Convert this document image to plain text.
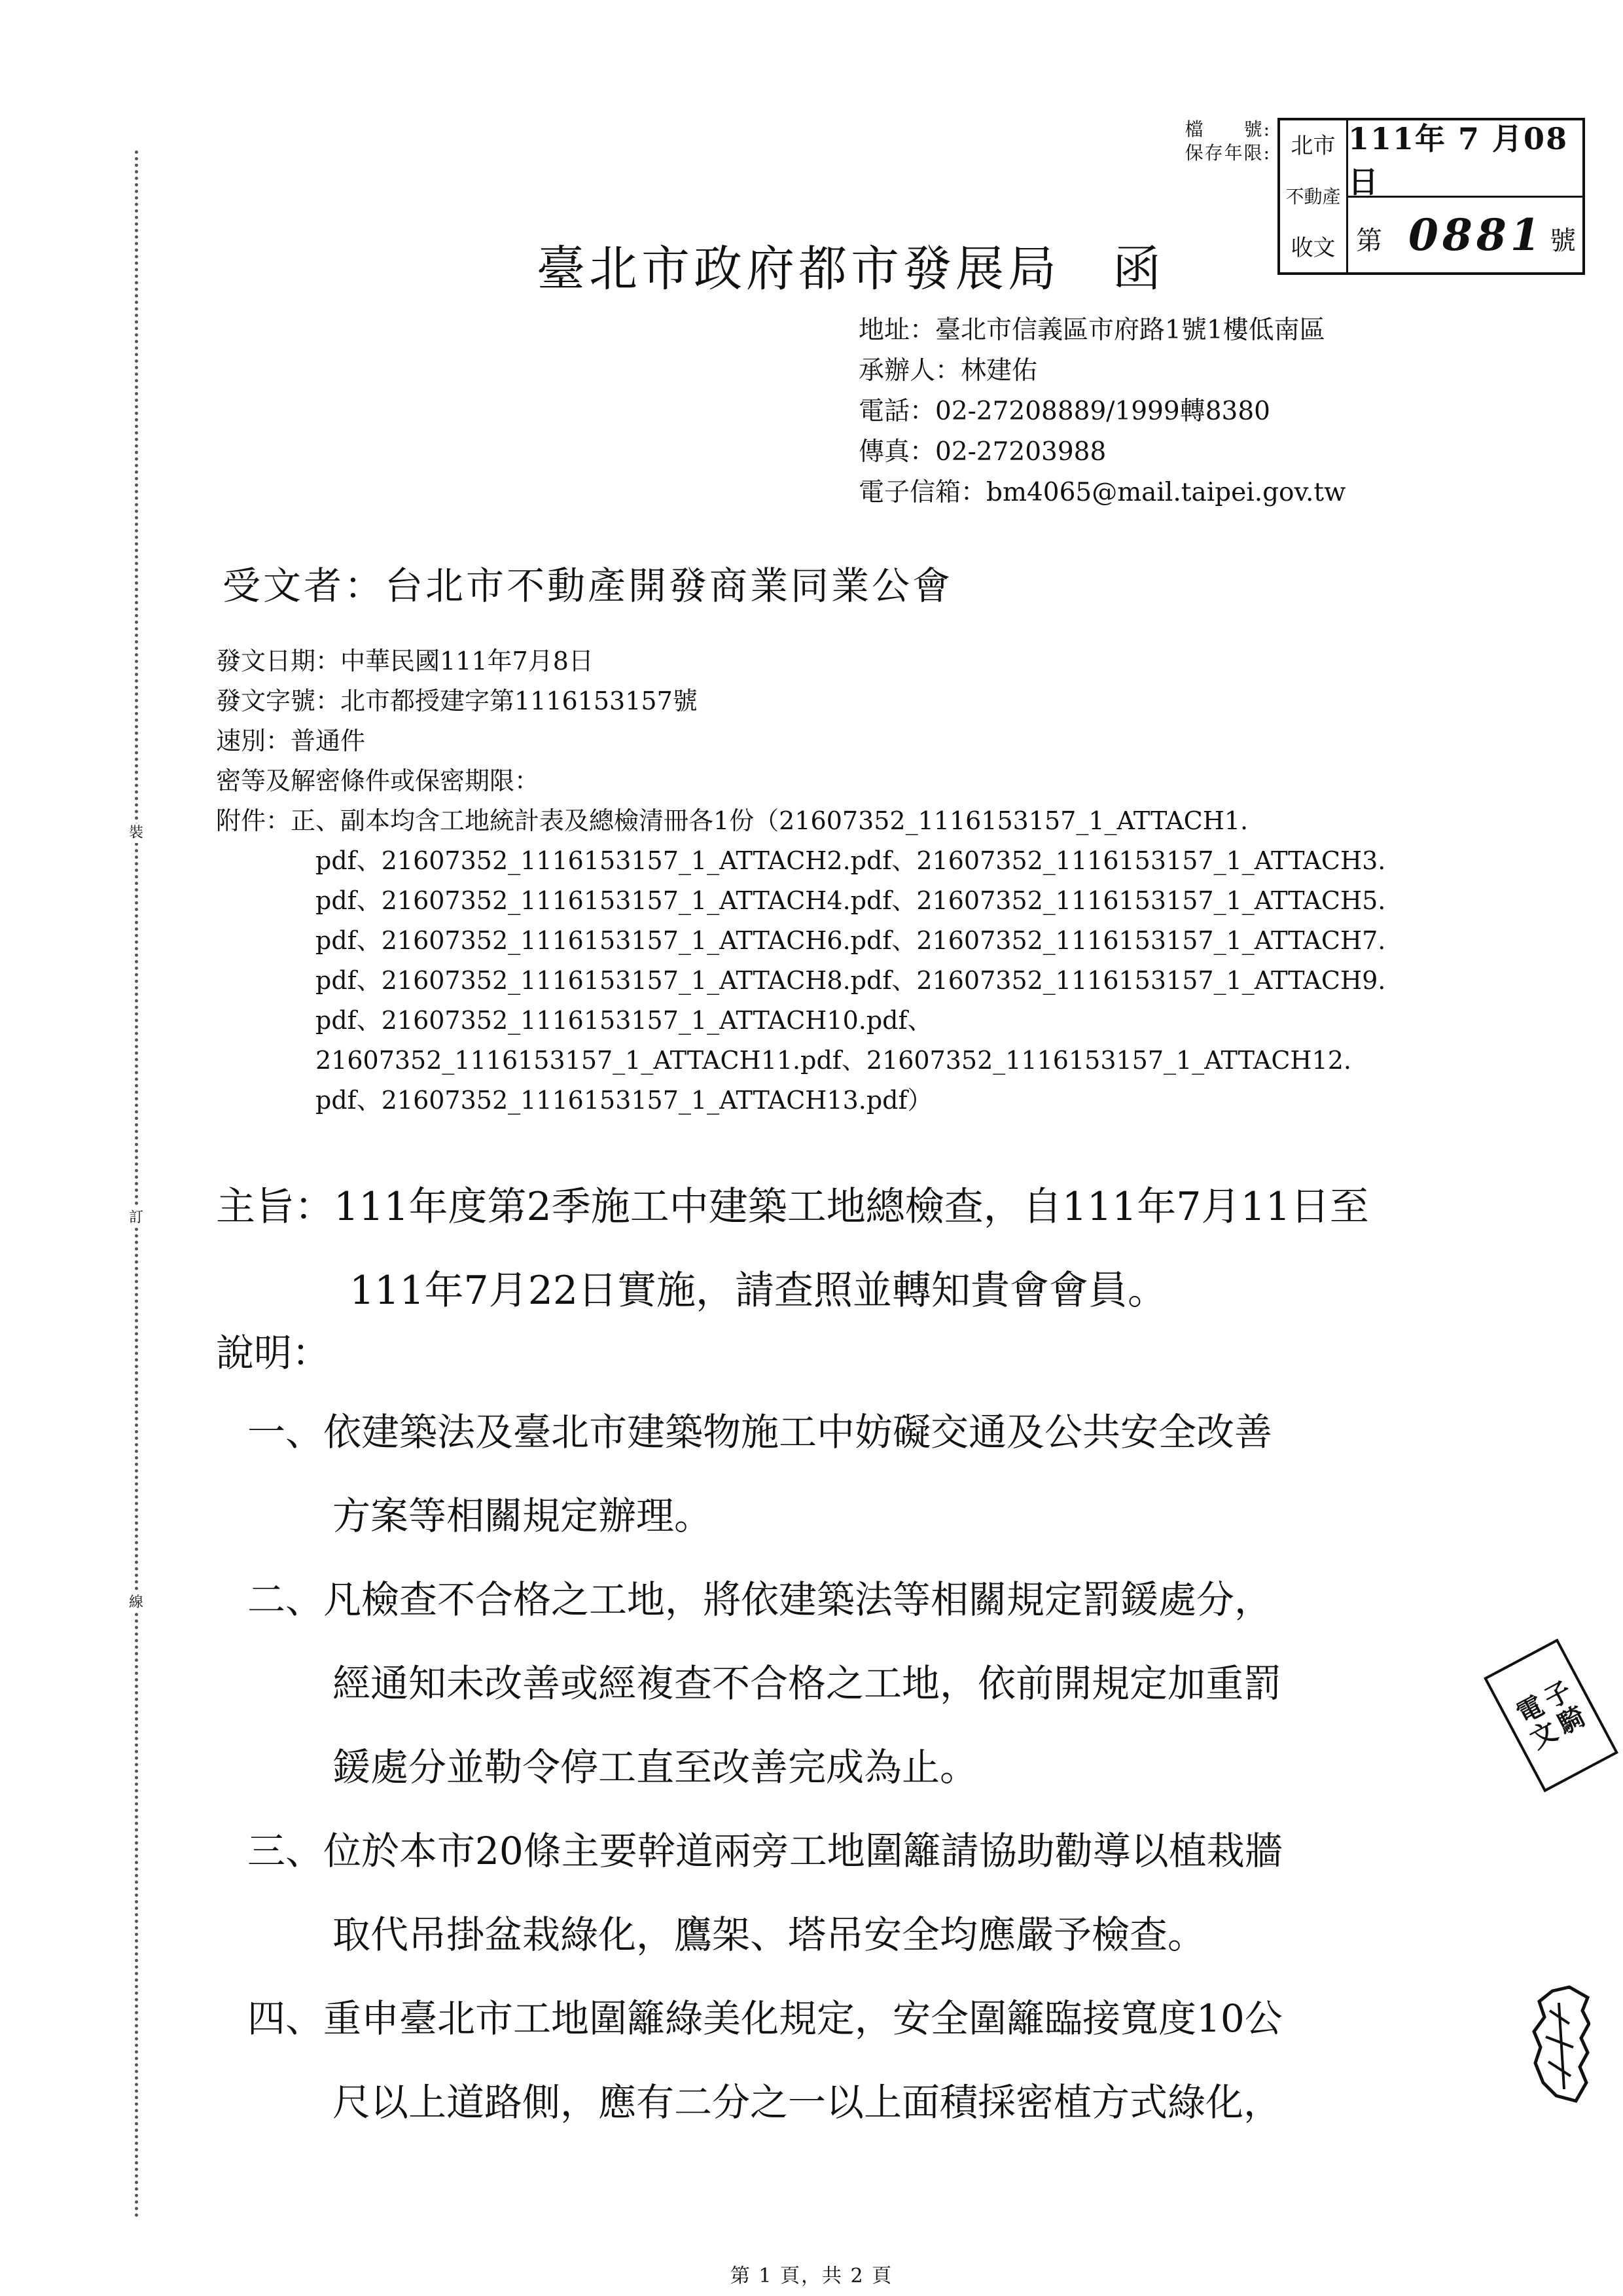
裝
訂
線
檔　　號:
保存年限: 北市
不動產
收文
111年 7 月08日
第 0881 號
臺北市政府都市發展局　函
地址：臺北市信義區市府路1號1樓低南區
承辦人：林建佑
電話：02-27208889/1999轉8380
傳真：02-27203988
電子信箱：bm4065@mail.taipei.gov.tw
受文者：台北市不動產開發商業同業公會
發文日期：中華民國111年7月8日
發文字號：北市都授建字第1116153157號
速別：普通件
密等及解密條件或保密期限：
附件：正、副本均含工地統計表及總檢清冊各1份（21607352_1116153157_1_ATTACH1.
pdf、21607352_1116153157_1_ATTACH2.pdf、21607352_1116153157_1_ATTACH3.
pdf、21607352_1116153157_1_ATTACH4.pdf、21607352_1116153157_1_ATTACH5.
pdf、21607352_1116153157_1_ATTACH6.pdf、21607352_1116153157_1_ATTACH7.
pdf、21607352_1116153157_1_ATTACH8.pdf、21607352_1116153157_1_ATTACH9.
pdf、21607352_1116153157_1_ATTACH10.pdf、
21607352_1116153157_1_ATTACH11.pdf、21607352_1116153157_1_ATTACH12.
pdf、21607352_1116153157_1_ATTACH13.pdf）
主旨：111年度第2季施工中建築工地總檢查，自111年7月11日至
111年7月22日實施，請查照並轉知貴會會員。
說明：
一、依建築法及臺北市建築物施工中妨礙交通及公共安全改善
方案等相關規定辦理。
二、凡檢查不合格之工地，將依建築法等相關規定罰鍰處分，
經通知未改善或經複查不合格之工地，依前開規定加重罰
鍰處分並勒令停工直至改善完成為止。
三、位於本市20條主要幹道兩旁工地圍籬請協助勸導以植栽牆
取代吊掛盆栽綠化，鷹架、塔吊安全均應嚴予檢查。
四、重申臺北市工地圍籬綠美化規定，安全圍籬臨接寬度10公
尺以上道路側，應有二分之一以上面積採密植方式綠化，
電
子
文
騎
第 1 頁，共 2 頁
